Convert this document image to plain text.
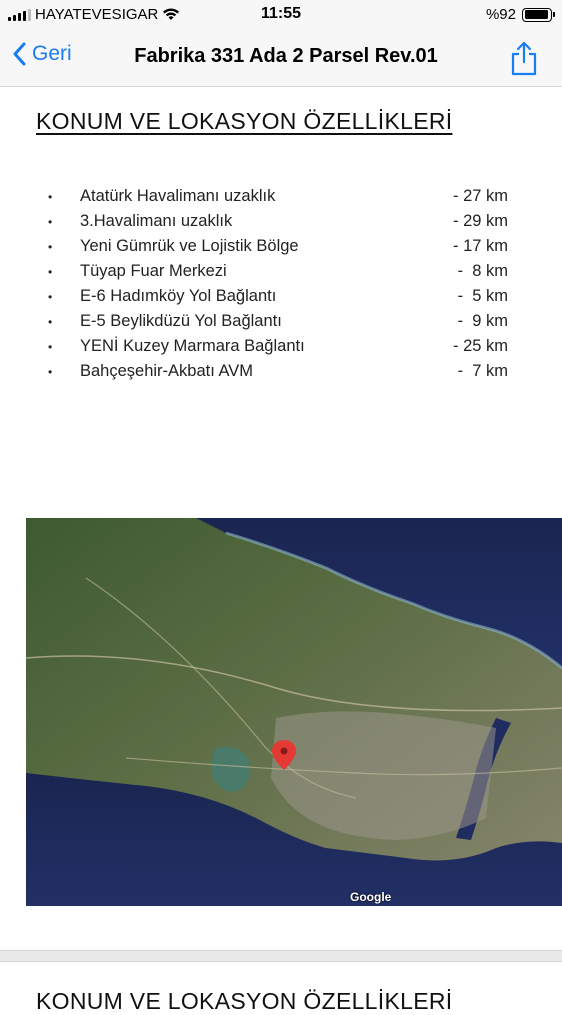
HAYATEVESIGAR	11:55	%92
Geri	Fabrika 331 Ada 2 Parsel Rev.01
KONUM VE LOKASYON ÖZELLİKLERİ
•	Atatürk Havalimanı uzaklık	- 27 km
•	3.Havalimanı uzaklık	- 29 km
•	Yeni Gümrük ve Lojistik Bölge	- 17 km
•	Tüyap Fuar Merkezi	-  8 km
•	E-6 Hadımköy Yol Bağlantı	-  5 km
•	E-5 Beylikdüzü Yol Bağlantı	-  9 km
•	YENİ Kuzey Marmara Bağlantı	- 25 km
•	Bahçeşehir-Akbatı AVM	-  7 km
Google
KONUM VE LOKASYON ÖZELLİKLERİ
